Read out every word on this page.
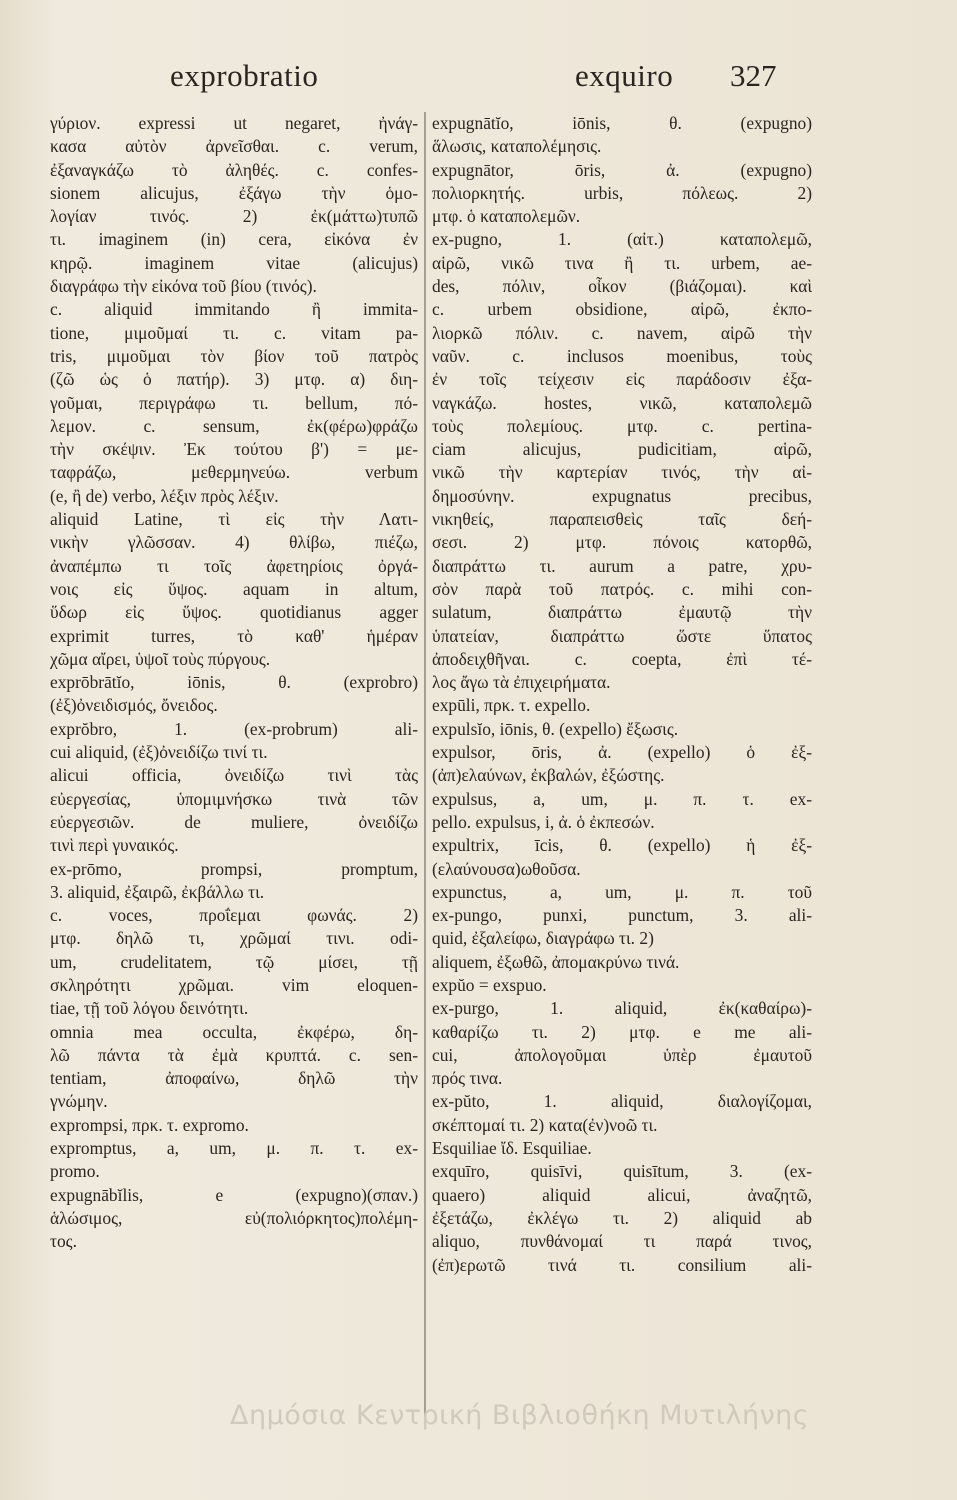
exprobratio	exquiro 327
γύριον. expressi ut negaret, ἠνάγ-
κασα αὐτὸν ἀρνεῖσθαι. c. verum,
ἐξαναγκάζω τὸ ἀληθές. c. confes-
sionem alicujus, ἐξάγω τὴν ὁμο-
λογίαν τινός. 2) ἐκ(μάττω)τυπῶ
τι. imaginem (in) cera, εἰκόνα ἐν
κηρῷ. imaginem vitae (alicujus)
διαγράφω τὴν εἰκόνα τοῦ βίου (τινός).
c. aliquid immitando ἢ immita-
tione, μιμοῦμαί τι. c. vitam pa-
tris, μιμοῦμαι τὸν βίον τοῦ πατρὸς
(ζῶ ὡς ὁ πατήρ). 3) μτφ. α) διη-
γοῦμαι, περιγράφω τι. bellum, πό-
λεμον. c. sensum, ἐκ(φέρω)φράζω
τὴν σκέψιν. Ἐκ τούτου β') = με-
ταφράζω, μεθερμηνεύω. verbum
(e, ἢ de) verbo, λέξιν πρὸς λέξιν.
aliquid Latine, τὶ εἰς τὴν Λατι-
νικὴν γλῶσσαν. 4) θλίβω, πιέζω,
ἀναπέμπω τι τοῖς ἀφετηρίοις ὀργά-
νοις εἰς ὕψος. aquam in altum,
ὕδωρ εἰς ὕψος. quotidianus agger
exprimit turres, τὸ καθ' ἡμέραν
χῶμα αἴρει, ὑψοῖ τοὺς πύργους.
exprōbrātĭo, iōnis, θ. (exprobro)
(ἐξ)ὀνειδισμός, ὄνειδος.
exprŏbro, 1. (ex-probrum) ali-
cui aliquid, (ἐξ)ὀνειδίζω τινί τι.
alicui officia, ὀνειδίζω τινὶ τὰς
εὐεργεσίας, ὑπομιμνήσκω τινὰ τῶν
εὐεργεσιῶν. de muliere, ὀνειδίζω
τινὶ περὶ γυναικός.
ex-prōmo, prompsi, promptum,
3. aliquid, ἐξαιρῶ, ἐκβάλλω τι.
c. voces, προΐεμαι φωνάς. 2)
μτφ. δηλῶ τι, χρῶμαί τινι. odi-
um, crudelitatem, τῷ μίσει, τῇ
σκληρότητι χρῶμαι. vim eloquen-
tiae, τῇ τοῦ λόγου δεινότητι.
omnia mea occulta, ἐκφέρω, δη-
λῶ πάντα τὰ ἐμὰ κρυπτά. c. sen-
tentiam, ἀποφαίνω, δηλῶ τὴν
γνώμην.
exprompsi, πρκ. τ. expromo.
expromptus, a, um, μ. π. τ. ex-
promo.
expugnābĭlis, e (expugno)(σπαν.)
ἁλώσιμος, εὐ(πολιόρκητος)πολέμη-
τος.
expugnātĭo, iōnis, θ. (expugno)
ἅλωσις, καταπολέμησις.
expugnātor, ōris, ἀ. (expugno)
πολιορκητής. urbis, πόλεως. 2)
μτφ. ὁ καταπολεμῶν.
ex-pugno, 1. (αἰτ.) καταπολεμῶ,
αἱρῶ, νικῶ τινα ἢ τι. urbem, ae-
des, πόλιν, οἶκον (βιάζομαι). καὶ
c. urbem obsidione, αἱρῶ, ἐκπο-
λιορκῶ πόλιν. c. navem, αἱρῶ τὴν
ναῦν. c. inclusos moenibus, τοὺς
ἐν τοῖς τείχεσιν εἰς παράδοσιν ἐξα-
ναγκάζω. hostes, νικῶ, καταπολεμῶ
τοὺς πολεμίους. μτφ. c. pertina-
ciam alicujus, pudicitiam, αἱρῶ,
νικῶ τὴν καρτερίαν τινός, τὴν αἰ-
δημοσύνην. expugnatus precibus,
νικηθείς, παραπεισθεὶς ταῖς δεή-
σεσι. 2) μτφ. πόνοις κατορθῶ,
διαπράττω τι. aurum a patre, χρυ-
σὸν παρὰ τοῦ πατρός. c. mihi con-
sulatum, διαπράττω ἐμαυτῷ τὴν
ὑπατείαν, διαπράττω ὥστε ὕπατος
ἀποδειχθῆναι. c. coepta, ἐπὶ τέ-
λος ἄγω τὰ ἐπιχειρήματα.
expūli, πρκ. τ. expello.
expulsĭo, iōnis, θ. (expello) ἔξωσις.
expulsor, ōris, ἀ. (expello) ὁ ἐξ-
(ἀπ)ελαύνων, ἐκβαλών, ἐξώστης.
expulsus, a, um, μ. π. τ. ex-
pello. expulsus, i, ἀ. ὁ ἐκπεσών.
expultrix, īcis, θ. (expello) ἡ ἐξ-
(ελαύνουσα)ωθοῦσα.
expunctus, a, um, μ. π. τοῦ
ex-pungo, punxi, punctum, 3. ali-
quid, ἐξαλείφω, διαγράφω τι. 2)
aliquem, ἐξωθῶ, ἀπομακρύνω τινά.
expŭo = exspuo.
ex-purgo, 1. aliquid, ἐκ(καθαίρω)-
καθαρίζω τι. 2) μτφ. e me ali-
cui, ἀπολογοῦμαι ὑπὲρ ἐμαυτοῦ
πρός τινα.
ex-pŭto, 1. aliquid, διαλογίζομαι,
σκέπτομαί τι. 2) κατα(ἐν)νοῶ τι.
Esquiliae ἴδ. Esquiliae.
exquīro, quisīvi, quisītum, 3. (ex-
quaero) aliquid alicui, ἀναζητῶ,
ἐξετάζω, ἐκλέγω τι. 2) aliquid ab
aliquo, πυνθάνομαί τι παρά τινος,
(ἐπ)ερωτῶ τινά τι. consilium ali-
Δημόσια Κεντρική Βιβλιοθήκη Μυτιλήνης
